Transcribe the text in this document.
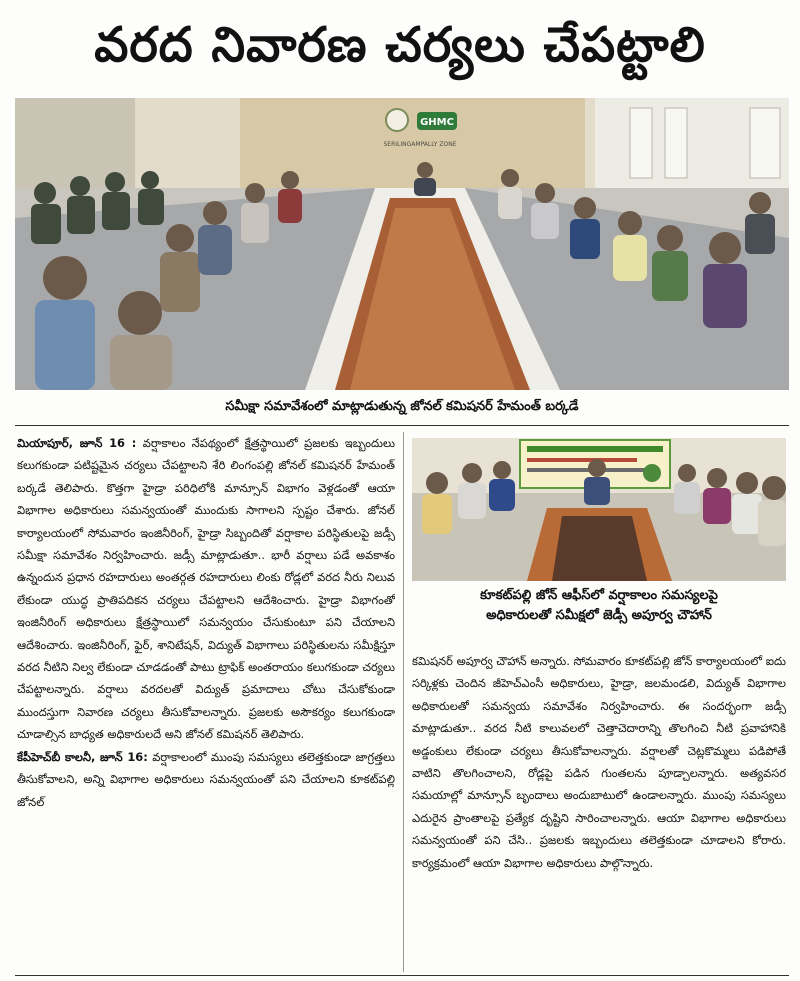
వరద నివారణ చర్యలు చేపట్టాలి
GHMC
SERILINGAMPALLY ZONE
సమీక్షా సమావేశంలో మాట్లాడుతున్న జోనల్ కమిషనర్ హేమంత్ బర్కడే
కూకట్‌పల్లి జోన్ ఆఫీస్‌లో వర్షాకాలం సమస్యలపై
అధికారులతో సమీక్షలో జెడ్సీ అపూర్వ చౌహాన్

మియాపూర్, జూన్ 16 : వర్షాకాలం నేపథ్యంలో క్షేత్రస్థాయిలో ప్రజలకు ఇబ్బందులు కలుగకుండా పటిష్టమైన చర్యలు చేపట్టాలని శేరి లింగంపల్లి జోనల్ కమిషనర్ హేమంత్ బర్కడే తెలిపారు. కొత్తగా హైడ్రా పరిధిలోకి మాన్సూన్ విభాగం వెళ్లడంతో ఆయా విభాగాల అధికారులు సమన్వయంతో ముందుకు సాగాలని స్పష్టం చేశారు. జోనల్ కార్యాలయంలో సోమవారం ఇంజినీరింగ్, హైడ్రా సిబ్బందితో వర్షాకాల పరిస్థితులపై జడ్సీ సమీక్షా సమావేశం నిర్వహించారు. జడ్సీ మాట్లాడుతూ.. భారీ వర్షాలు పడే అవకాశం ఉన్నందున ప్రధాన రహదారులు అంతర్గత రహదారులు లింకు రోడ్లలో వరద నీరు నిలువ లేకుండా యుద్ధ ప్రాతిపదికన చర్యలు చేపట్టాలని ఆదేశించారు. హైడ్రా విభాగంతో ఇంజినీరింగ్ అధికారులు క్షేత్రస్థాయిలో సమన్వయం చేసుకుంటూ పని చేయాలని ఆదేశించారు. ఇంజినీరింగ్, ఫైర్, శానిటేషన్, విద్యుత్ విభాగాలు పరిస్థితులను సమీక్షిస్తూ వరద నీటిని నిల్వ లేకుండా చూడడంతో పాటు ట్రాఫిక్ అంతరాయం కలుగకుండా చర్యలు చేపట్టాలన్నారు. వర్షాలు వరదలతో విద్యుత్ ప్రమాదాలు చోటు చేసుకోకుండా ముందస్తుగా నివారణ చర్యలు తీసుకోవాలన్నారు. ప్రజలకు అసౌకర్యం కలుగకుండా చూడాల్సిన బాధ్యత అధికారులదే అని జోనల్ కమిషనర్ తెలిపారు.

కేపీహెచ్‌బీ కాలనీ, జూన్ 16: వర్షాకాలంలో ముంపు సమస్యలు తలెత్తకుండా జాగ్రత్తలు తీసుకోవాలని, అన్ని విభాగాల అధికారులు సమన్వయంతో పని చేయాలని కూకట్‌పల్లి జోనల్

కమిషనర్ అపూర్వ చౌహాన్ అన్నారు. సోమవారం కూకట్‌పల్లి జోన్ కార్యాలయంలో ఐదు సర్కిళ్లకు చెందిన జీహెచ్ఎంసీ అధికారులు, హైడ్రా, జలమండలి, విద్యుత్ విభాగాల అధికారులతో సమన్వయ సమావేశం నిర్వహించారు. ఈ సందర్భంగా జడ్సీ మాట్లాడుతూ.. వరద నీటి కాలువలలో చెత్తాచెదారాన్ని తొలగించి నీటి ప్రవాహానికి అడ్డంకులు లేకుండా చర్యలు తీసుకోవాలన్నారు. వర్షాలతో చెట్లకొమ్మలు పడిపోతే వాటిని తొలగించాలని, రోడ్లపై పడిన గుంతలను పూడ్చాలన్నారు. అత్యవసర సమయాల్లో మాన్సూన్ బృందాలు అందుబాటులో ఉండాలన్నారు. ముంపు సమస్యలు ఎదురైన ప్రాంతాలపై ప్రత్యేక దృష్టిని సారించాలన్నారు. ఆయా విభాగాల అధికారులు సమన్వయంతో పని చేసి.. ప్రజలకు ఇబ్బందులు తలెత్తకుండా చూడాలని కోరారు. కార్యక్రమంలో ఆయా విభాగాల అధికారులు పాల్గొన్నారు.
